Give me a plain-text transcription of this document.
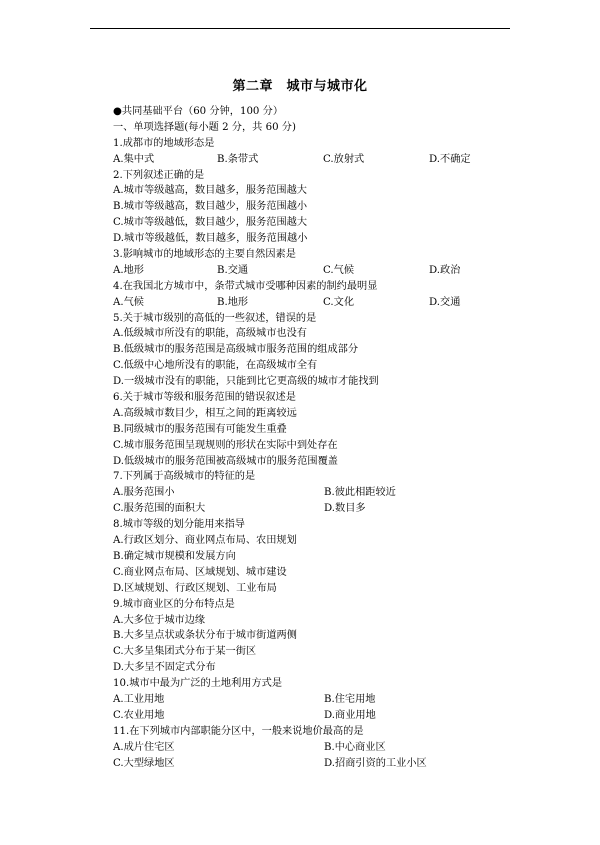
第二章　城市与城市化
●共同基础平台（60 分钟，100 分）
一、单项选择题(每小题 2 分，共 60 分)
1.成都市的地域形态是
A.集中式	B.条带式	C.放射式	D.不确定
2.下列叙述正确的是
A.城市等级越高，数目越多，服务范围越大
B.城市等级越高，数目越少，服务范围越小
C.城市等级越低，数目越少，服务范围越大
D.城市等级越低，数目越多，服务范围越小
3.影响城市的地域形态的主要自然因素是
A.地形	B.交通	C.气候	D.政治
4.在我国北方城市中，条带式城市受哪种因素的制约最明显
A.气候	B.地形	C.文化	D.交通
5.关于城市级别的高低的一些叙述，错误的是
A.低级城市所没有的职能，高级城市也没有
B.低级城市的服务范围是高级城市服务范围的组成部分
C.低级中心地所没有的职能，在高级城市全有
D.一级城市没有的职能，只能到比它更高级的城市才能找到
6.关于城市等级和服务范围的错误叙述是
A.高级城市数目少，相互之间的距离较远
B.同级城市的服务范围有可能发生重叠
C.城市服务范围呈现规则的形状在实际中到处存在
D.低级城市的服务范围被高级城市的服务范围覆盖
7.下列属于高级城市的特征的是
A.服务范围小	B.彼此相距较近
C.服务范围的面积大	D.数目多
8.城市等级的划分能用来指导
A.行政区划分、商业网点布局、农田规划
B.确定城市规模和发展方向
C.商业网点布局、区域规划、城市建设
D.区域规划、行政区规划、工业布局
9.城市商业区的分布特点是
A.大多位于城市边缘
B.大多呈点状或条状分布于城市街道两侧
C.大多呈集团式分布于某一街区
D.大多呈不固定式分布
10.城市中最为广泛的土地利用方式是
A.工业用地	B.住宅用地
C.农业用地	D.商业用地
11.在下列城市内部职能分区中，一般来说地价最高的是
A.成片住宅区	B.中心商业区
C.大型绿地区	D.招商引资的工业小区
